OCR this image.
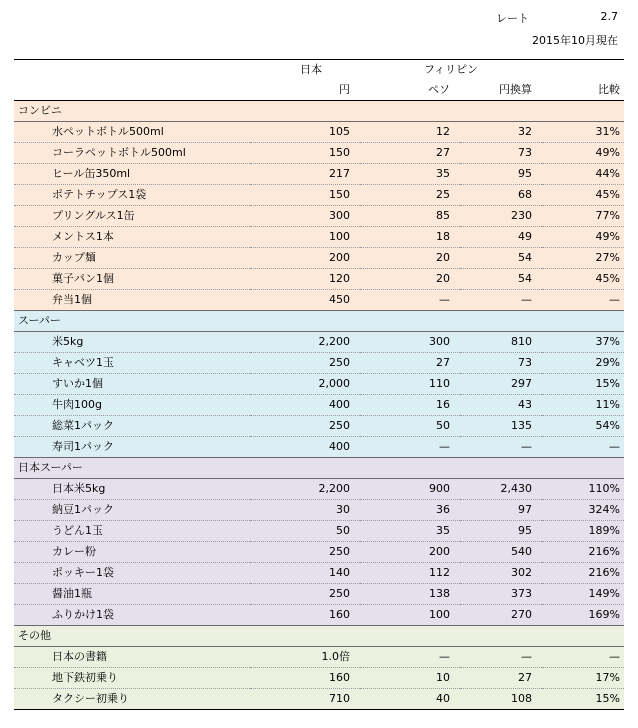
レート	2.7
2015年10月現在
	日本	フィリピン		
	円	ペソ	円換算	比較
コンビニ				
水ペットボトル500ml	105	12	32	31%
コーラペットボトル500ml	150	27	73	49%
ヒール缶350ml	217	35	95	44%
ポテトチップス1袋	150	25	68	45%
プリングルス1缶	300	85	230	77%
メントス1本	100	18	49	49%
カップ麺	200	20	54	27%
菓子パン1個	120	20	54	45%
弁当1個	450	—	—	—
スーパー				
米5kg	2,200	300	810	37%
キャベツ1玉	250	27	73	29%
すいか1個	2,000	110	297	15%
牛肉100g	400	16	43	11%
総菜1パック	250	50	135	54%
寿司1パック	400	—	—	—
日本スーパー				
日本米5kg	2,200	900	2,430	110%
納豆1パック	30	36	97	324%
うどん1玉	50	35	95	189%
カレー粉	250	200	540	216%
ポッキー1袋	140	112	302	216%
醤油1瓶	250	138	373	149%
ふりかけ1袋	160	100	270	169%
その他				
日本の書籍	1.0倍	—	—	—
地下鉄初乗り	160	10	27	17%
タクシー初乗り	710	40	108	15%
